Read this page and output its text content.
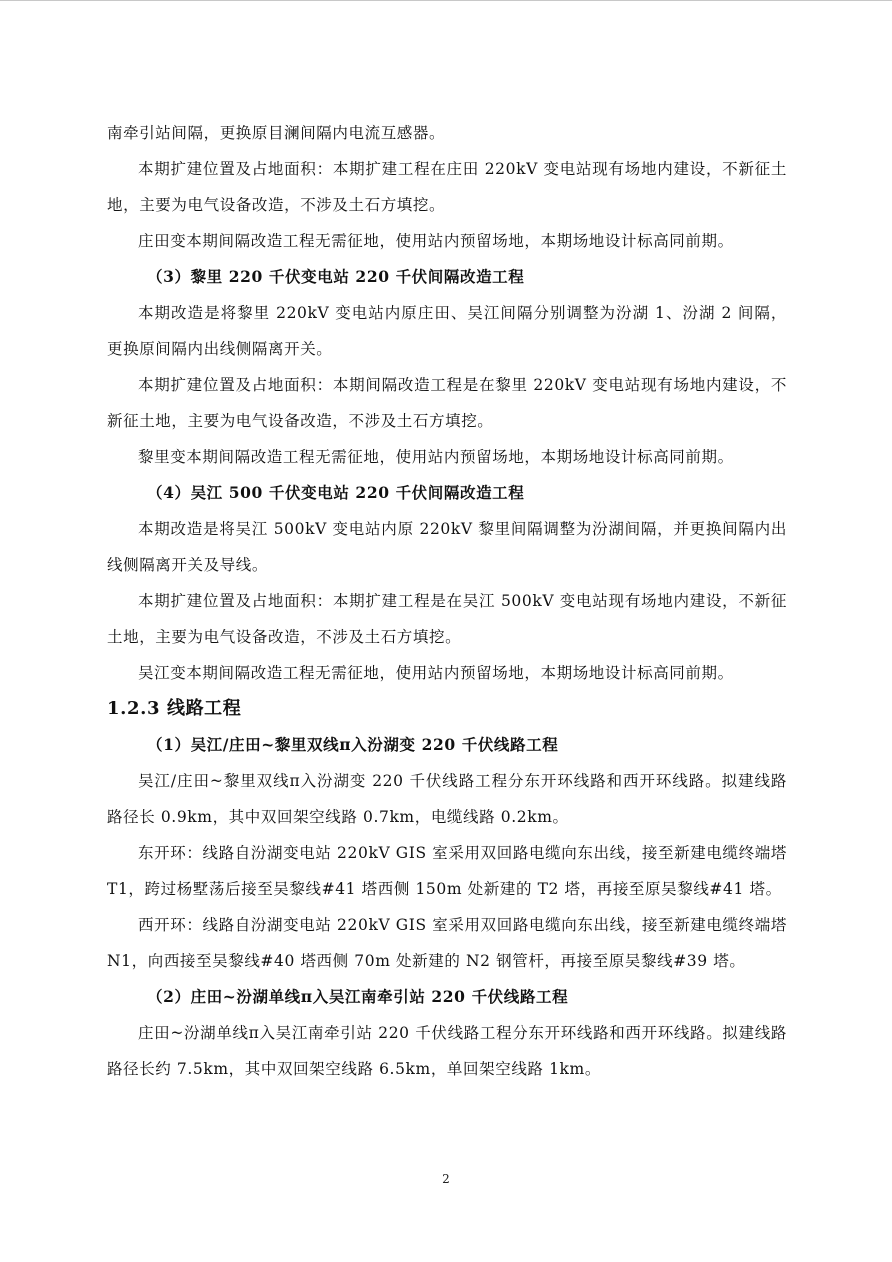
南牵引站间隔，更换原目澜间隔内电流互感器。

本期扩建位置及占地面积：本期扩建工程在庄田 220kV 变电站现有场地内建设，不新征土地，主要为电气设备改造，不涉及土石方填挖。

庄田变本期间隔改造工程无需征地，使用站内预留场地，本期场地设计标高同前期。

（3）黎里 220 千伏变电站 220 千伏间隔改造工程

本期改造是将黎里 220kV 变电站内原庄田、吴江间隔分别调整为汾湖 1、汾湖 2 间隔，更换原间隔内出线侧隔离开关。

本期扩建位置及占地面积：本期间隔改造工程是在黎里 220kV 变电站现有场地内建设，不新征土地，主要为电气设备改造，不涉及土石方填挖。

黎里变本期间隔改造工程无需征地，使用站内预留场地，本期场地设计标高同前期。

（4）吴江 500 千伏变电站 220 千伏间隔改造工程

本期改造是将吴江 500kV 变电站内原 220kV 黎里间隔调整为汾湖间隔，并更换间隔内出线侧隔离开关及导线。

本期扩建位置及占地面积：本期扩建工程是在吴江 500kV 变电站现有场地内建设，不新征土地，主要为电气设备改造，不涉及土石方填挖。

吴江变本期间隔改造工程无需征地，使用站内预留场地，本期场地设计标高同前期。

1.2.3 线路工程

（1）吴江/庄田~黎里双线π入汾湖变 220 千伏线路工程

吴江/庄田~黎里双线π入汾湖变 220 千伏线路工程分东开环线路和西开环线路。拟建线路路径长 0.9km，其中双回架空线路 0.7km，电缆线路 0.2km。

东开环：线路自汾湖变电站 220kV GIS 室采用双回路电缆向东出线，接至新建电缆终端塔 T1，跨过杨墅荡后接至吴黎线#41 塔西侧 150m 处新建的 T2 塔，再接至原吴黎线#41 塔。

西开环：线路自汾湖变电站 220kV GIS 室采用双回路电缆向东出线，接至新建电缆终端塔 N1，向西接至吴黎线#40 塔西侧 70m 处新建的 N2 钢管杆，再接至原吴黎线#39 塔。

（2）庄田~汾湖单线π入吴江南牵引站 220 千伏线路工程

庄田~汾湖单线π入吴江南牵引站 220 千伏线路工程分东开环线路和西开环线路。拟建线路路径长约 7.5km，其中双回架空线路 6.5km，单回架空线路 1km。

2
